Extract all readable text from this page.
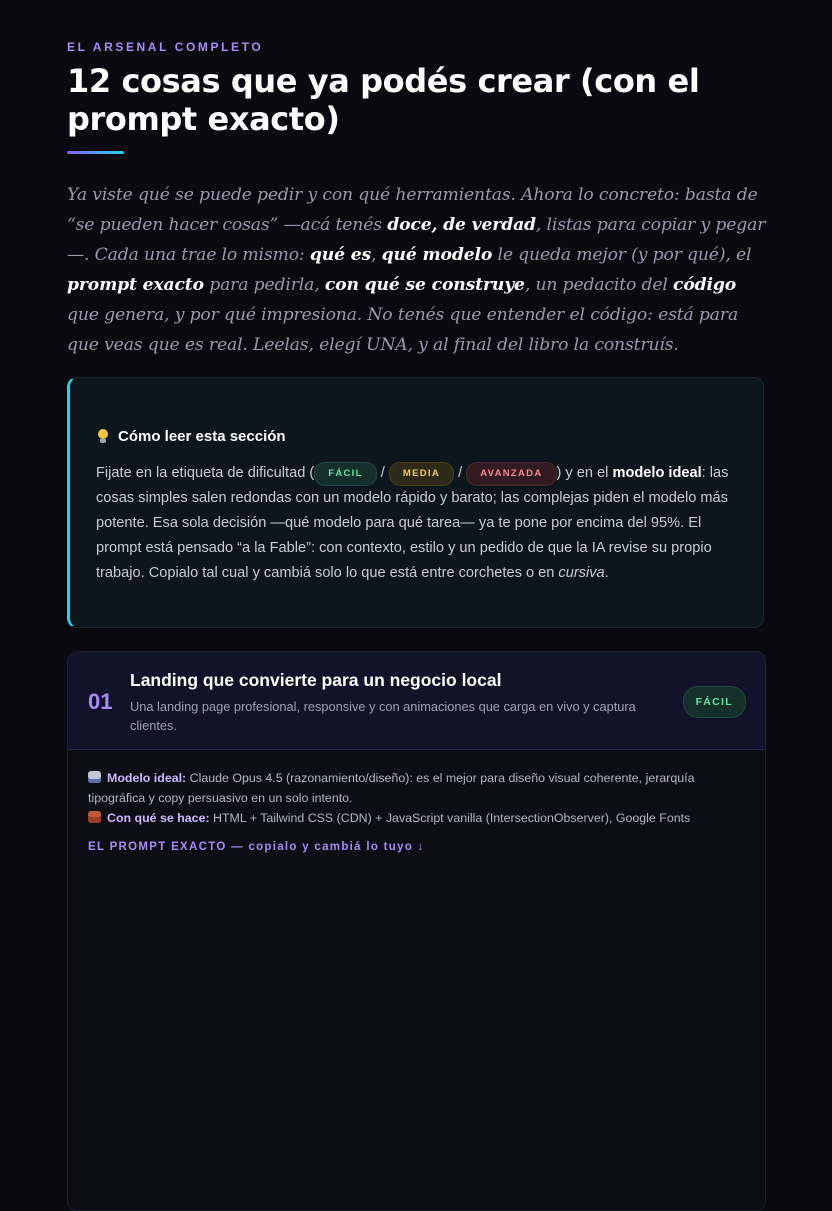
EL ARSENAL COMPLETO
12 cosas que ya podés crear (con el prompt exacto)

Ya viste qué se puede pedir y con qué herramientas. Ahora lo concreto: basta de “se pueden hacer cosas” —acá tenés doce, de verdad, listas para copiar y pegar —. Cada una trae lo mismo: qué es, qué modelo le queda mejor (y por qué), el prompt exacto para pedirla, con qué se construye, un pedacito del código que genera, y por qué impresiona. No tenés que entender el código: está para que veas que es real. Leelas, elegí UNA, y al final del libro la construís.

Cómo leer esta sección

Fijate en la etiqueta de dificultad ( FÁCIL / MEDIA / AVANZADA ) y en el modelo ideal: las cosas simples salen redondas con un modelo rápido y barato; las complejas piden el modelo más potente. Esa sola decisión —qué modelo para qué tarea— ya te pone por encima del 95%. El prompt está pensado “a la Fable”: con contexto, estilo y un pedido de que la IA revise su propio trabajo. Copialo tal cual y cambiá solo lo que está entre corchetes o en cursiva.

01
Landing que convierte para un negocio local

Una landing page profesional, responsive y con animaciones que carga en vivo y captura clientes.

FÁCIL

Modelo ideal: Claude Opus 4.5 (razonamiento/diseño): es el mejor para diseño visual coherente, jerarquía tipográfica y copy persuasivo en un solo intento.
Con qué se hace: HTML + Tailwind CSS (CDN) + JavaScript vanilla (IntersectionObserver), Google Fonts

EL PROMPT EXACTO — copialo y cambiá lo tuyo ↓
